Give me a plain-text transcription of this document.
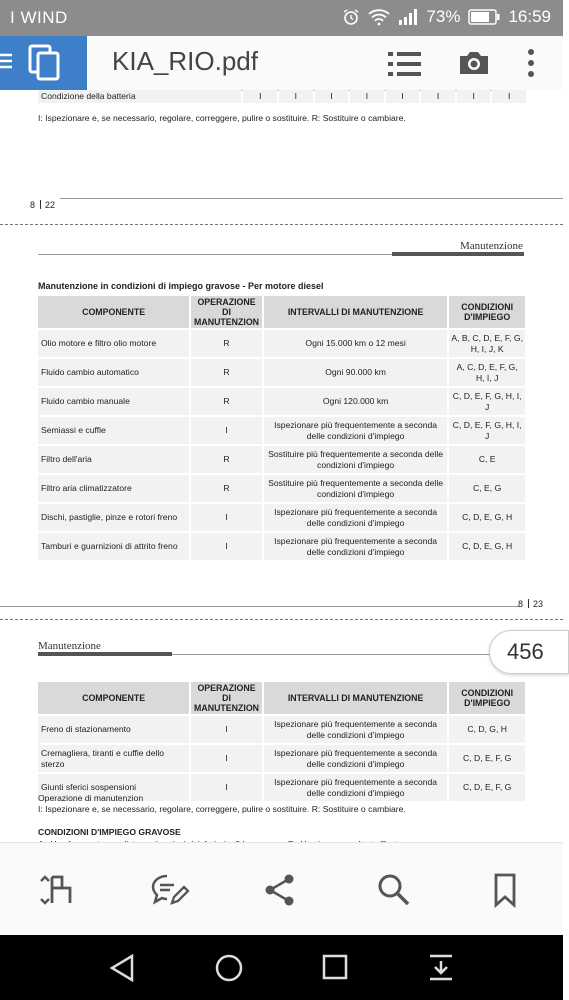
I WIND	73%	16:59
KIA_RIO.pdf
Condizione della batteria	I	I	I	I	I	I	I	I
I: Ispezionare e, se necessario, regolare, correggere, pulire o sostituire. R: Sostituire o cambiare.
8 22
Manutenzione
Manutenzione in condizioni di impiego gravose - Per motore diesel
COMPONENTE	OPERAZIONE DI MANUTENZION	INTERVALLI DI MANUTENZIONE	CONDIZIONI D'IMPIEGO
Olio motore e filtro olio motore	R	Ogni 15.000 km o 12 mesi	A, B, C, D, E, F, G, H, I, J, K
Fluido cambio automatico	R	Ogni 90.000 km	A, C, D, E, F, G, H, I, J
Fluido cambio manuale	R	Ogni 120.000 km	C, D, E, F, G, H, I, J
Semiassi e cuffie	I	Ispezionare più frequentemente a seconda delle condizioni d'impiego	C, D, E, F, G, H, I, J
Filtro dell'aria	R	Sostituire più frequentemente a seconda delle condizioni d'impiego	C, E
Filtro aria climatizzatore	R	Sostituire più frequentemente a seconda delle condizioni d'impiego	C, E, G
Dischi, pastiglie, pinze e rotori freno	I	Ispezionare più frequentemente a seconda delle condizioni d'impiego	C, D, E, G, H
Tamburi e guarnizioni di attrito freno	I	Ispezionare più frequentemente a seconda delle condizioni d'impiego	C, D, E, G, H
8 23
Manutenzione
COMPONENTE	OPERAZIONE DI MANUTENZION	INTERVALLI DI MANUTENZIONE	CONDIZIONI D'IMPIEGO
Freno di stazionamento	I	Ispezionare più frequentemente a seconda delle condizioni d'impiego	C, D, G, H
Cremagliera, tiranti e cuffie dello sterzo	I	Ispezionare più frequentemente a seconda delle condizioni d'impiego	C, D, E, F, G
Giunti sferici sospensioni	I	Ispezionare più frequentemente a seconda delle condizioni d'impiego	C, D, E, F, G
Operazione di manutenzion
I: Ispezionare e, se necessario, regolare, correggere, pulire o sostituire. R: Sostituire o cambiare.
CONDIZIONI D'IMPIEGO GRAVOSE
456
